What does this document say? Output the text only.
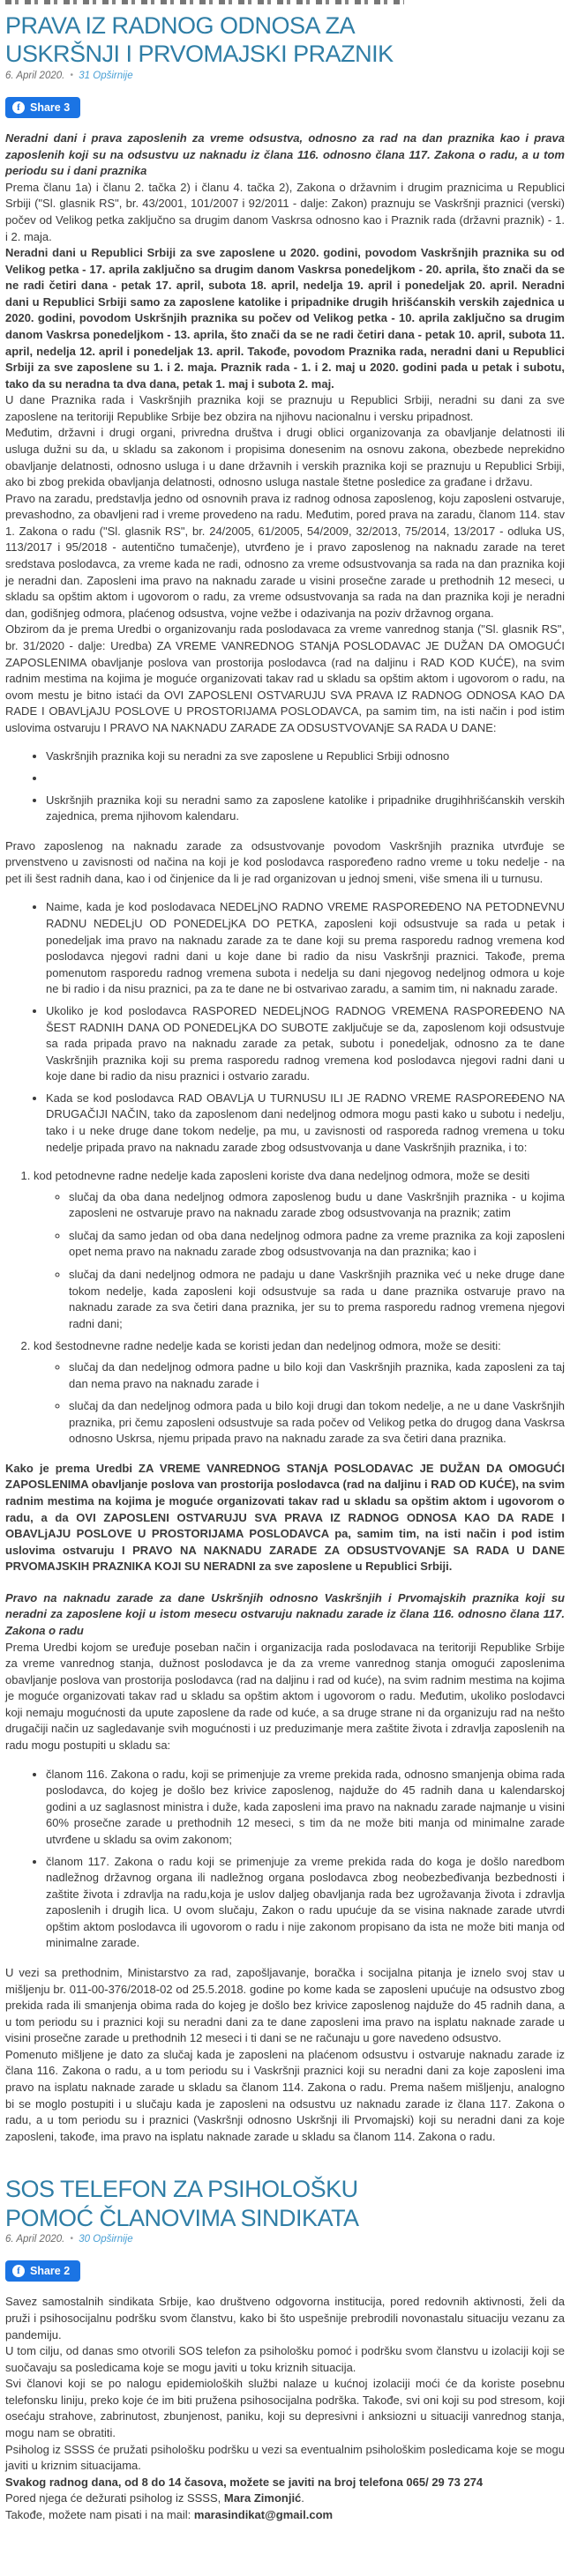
PRAVA IZ RADNOG ODNOSA ZA USKRŠNJI I PRVOMAJSKI PRAZNIK
6. April 2020. • 31 Opširnije
f Share 3

Neradni dani i prava zaposlenih za vreme odsustva, odnosno za rad na dan praznika kao i prava zaposlenih koji su na odsustvu uz naknadu iz člana 116. odnosno člana 117. Zakona o radu, a u tom periodu su i dani praznika

Prema članu 1a) i članu 2. tačka 2) i članu 4. tačka 2), Zakona o državnim i drugim praznicima u Republici Srbiji ("Sl. glasnik RS", br. 43/2001, 101/2007 i 92/2011 - dalje: Zakon) praznuju se Vaskršnji praznici (verski) počev od Velikog petka zaključno sa drugim danom Vaskrsa odnosno kao i Praznik rada (državni praznik) - 1. i 2. maja.

Neradni dani u Republici Srbiji za sve zaposlene u 2020. godini, povodom Vaskršnjih praznika su od Velikog petka - 17. aprila zaključno sa drugim danom Vaskrsa ponedeljkom - 20. aprila, što znači da se ne radi četiri dana - petak 17. april, subota 18. april, nedelja 19. april i ponedeljak 20. april. Neradni dani u Republici Srbiji samo za zaposlene katolike i pripadnike drugih hrišćanskih verskih zajednica u 2020. godini, povodom Uskršnjih praznika su počev od Velikog petka - 10. aprila zaključno sa drugim danom Vaskrsa ponedeljkom - 13. aprila, što znači da se ne radi četiri dana - petak 10. april, subota 11. april, nedelja 12. april i ponedeljak 13. april. Takođe, povodom Praznika rada, neradni dani u Republici Srbiji za sve zaposlene su 1. i 2. maja. Praznik rada - 1. i 2. maj u 2020. godini pada u petak i subotu, tako da su neradna ta dva dana, petak 1. maj i subota 2. maj.

U dane Praznika rada i Vaskršnjih praznika koji se praznuju u Republici Srbiji, neradni su dani za sve zaposlene na teritoriji Republike Srbije bez obzira na njihovu nacionalnu i versku pripadnost.

Međutim, državni i drugi organi, privredna društva i drugi oblici organizovanja za obavljanje delatnosti ili usluga dužni su da, u skladu sa zakonom i propisima donesenim na osnovu zakona, obezbede neprekidno obavljanje delatnosti, odnosno usluga i u dane državnih i verskih praznika koji se praznuju u Republici Srbiji, ako bi zbog prekida obavljanja delatnosti, odnosno usluga nastale štetne posledice za građane i državu.

Pravo na zaradu, predstavlja jedno od osnovnih prava iz radnog odnosa zaposlenog, koju zaposleni ostvaruje, prevashodno, za obavljeni rad i vreme provedeno na radu. Međutim, pored prava na zaradu, članom 114. stav 1. Zakona o radu ("Sl. glasnik RS", br. 24/2005, 61/2005, 54/2009, 32/2013, 75/2014, 13/2017 - odluka US, 113/2017 i 95/2018 - autentično tumačenje), utvrđeno je i pravo zaposlenog na naknadu zarade na teret sredstava poslodavca, za vreme kada ne radi, odnosno za vreme odsustvovanja sa rada na dan praznika koji je neradni dan. Zaposleni ima pravo na naknadu zarade u visini prosečne zarade u prethodnih 12 meseci, u skladu sa opštim aktom i ugovorom o radu, za vreme odsustvovanja sa rada na dan praznika koji je neradni dan, godišnjeg odmora, plaćenog odsustva, vojne vežbe i odazivanja na poziv državnog organa.

Obzirom da je prema Uredbi o organizovanju rada poslodavaca za vreme vanrednog stanja ("Sl. glasnik RS", br. 31/2020 - dalje: Uredba) ZA VREME VANREDNOG STANjA POSLODAVAC JE DUŽAN DA OMOGUĆI ZAPOSLENIMA obavljanje poslova van prostorija poslodavca (rad na daljinu i RAD KOD KUĆE), na svim radnim mestima na kojima je moguće organizovati takav rad u skladu sa opštim aktom i ugovorom o radu, na ovom mestu je bitno istaći da OVI ZAPOSLENI OSTVARUJU SVA PRAVA IZ RADNOG ODNOSA KAO DA RADE I OBAVLjAJU POSLOVE U PROSTORIJAMA POSLODAVCA, pa samim tim, na isti način i pod istim uslovima ostvaruju I PRAVO NA NAKNADU ZARADE ZA ODSUSTVOVANjE SA RADA U DANE:

• Vaskršnjih praznika koji su neradni za sve zaposlene u Republici Srbiji odnosno
•
• Uskršnjih praznika koji su neradni samo za zaposlene katolike i pripadnike drugihhrišćanskih verskih zajednica, prema njihovom kalendaru.

Pravo zaposlenog na naknadu zarade za odsustvovanje povodom Vaskršnjih praznika utvrđuje se prvenstveno u zavisnosti od načina na koji je kod poslodavca raspoređeno radno vreme u toku nedelje - na pet ili šest radnih dana, kao i od činjenice da li je rad organizovan u jednoj smeni, više smena ili u turnusu.

• Naime, kada je kod poslodavaca NEDELjNO RADNO VREME RASPOREĐENO NA PETODNEVNU RADNU NEDELjU OD PONEDELjKA DO PETKA, zaposleni koji odsustvuje sa rada u petak i ponedeljak ima pravo na naknadu zarade za te dane koji su prema rasporedu radnog vremena kod poslodavca njegovi radni dani u koje dane bi radio da nisu Vaskršnji praznici. Takođe, prema pomenutom rasporedu radnog vremena subota i nedelja su dani njegovog nedeljnog odmora u koje ne bi radio i da nisu praznici, pa za te dane ne bi ostvarivao zaradu, a samim tim, ni naknadu zarade.
• Ukoliko je kod poslodavca RASPORED NEDELjNOG RADNOG VREMENA RASPOREĐENO NA ŠEST RADNIH DANA OD PONEDELjKA DO SUBOTE zaključuje se da, zaposlenom koji odsustvuje sa rada pripada pravo na naknadu zarade za petak, subotu i ponedeljak, odnosno za te dane Vaskršnjih praznika koji su prema rasporedu radnog vremena kod poslodavca njegovi radni dani u koje dane bi radio da nisu praznici i ostvario zaradu.
• Kada se kod poslodavca RAD OBAVLjA U TURNUSU ILI JE RADNO VREME RASPOREĐENO NA DRUGAČIJI NAČIN, tako da zaposlenom dani nedeljnog odmora mogu pasti kako u subotu i nedelju, tako i u neke druge dane tokom nedelje, pa mu, u zavisnosti od rasporeda radnog vremena u toku nedelje pripada pravo na naknadu zarade zbog odsustvovanja u dane Vaskršnjih praznika, i to:
1. kod petodnevne radne nedelje kada zaposleni koriste dva dana nedeljnog odmora, može se desiti
◦ slučaj da oba dana nedeljnog odmora zaposlenog budu u dane Vaskršnjih praznika - u kojima zaposleni ne ostvaruje pravo na naknadu zarade zbog odsustvovanja na praznik; zatim
◦ slučaj da samo jedan od oba dana nedeljnog odmora padne za vreme praznika za koji zaposleni opet nema pravo na naknadu zarade zbog odsustvovanja na dan praznika; kao i
◦ slučaj da dani nedeljnog odmora ne padaju u dane Vaskršnjih praznika već u neke druge dane tokom nedelje, kada zaposleni koji odsustvuje sa rada u dane praznika ostvaruje pravo na naknadu zarade za sva četiri dana praznika, jer su to prema rasporedu radnog vremena njegovi radni dani;
2. kod šestodnevne radne nedelje kada se koristi jedan dan nedeljnog odmora, može se desiti:
◦ slučaj da dan nedeljnog odmora padne u bilo koji dan Vaskršnjih praznika, kada zaposleni za taj dan nema pravo na naknadu zarade i
◦ slučaj da dan nedeljnog odmora pada u bilo koji drugi dan tokom nedelje, a ne u dane Vaskršnjih praznika, pri čemu zaposleni odsustvuje sa rada počev od Velikog petka do drugog dana Vaskrsa odnosno Uskrsa, njemu pripada pravo na naknadu zarade za sva četiri dana praznika.

Kako je prema Uredbi ZA VREME VANREDNOG STANjA POSLODAVAC JE DUŽAN DA OMOGUĆI ZAPOSLENIMA obavljanje poslova van prostorija poslodavca (rad na daljinu i RAD OD KUĆE), na svim radnim mestima na kojima je moguće organizovati takav rad u skladu sa opštim aktom i ugovorom o radu, a da OVI ZAPOSLENI OSTVARUJU SVA PRAVA IZ RADNOG ODNOSA KAO DA RADE I OBAVLjAJU POSLOVE U PROSTORIJAMA POSLODAVCA pa, samim tim, na isti način i pod istim uslovima ostvaruju I PRAVO NA NAKNADU ZARADE ZA ODSUSTVOVANjE SA RADA U DANE PRVOMAJSKIH PRAZNIKA KOJI SU NERADNI za sve zaposlene u Republici Srbiji.

Pravo na naknadu zarade za dane Uskršnjih odnosno Vaskršnjih i Prvomajskih praznika koji su neradni za zaposlene koji u istom mesecu ostvaruju naknadu zarade iz člana 116. odnosno člana 117. Zakona o radu

Prema Uredbi kojom se uređuje poseban način i organizacija rada poslodavaca na teritoriji Republike Srbije za vreme vanrednog stanja, dužnost poslodavca je da za vreme vanrednog stanja omogući zaposlenima obavljanje poslova van prostorija poslodavca (rad na daljinu i rad od kuće), na svim radnim mestima na kojima je moguće organizovati takav rad u skladu sa opštim aktom i ugovorom o radu. Međutim, ukoliko poslodavci koji nemaju mogućnosti da upute zaposlene da rade od kuće, a sa druge strane ni da organizuju rad na nešto drugačiji način uz sagledavanje svih mogućnosti i uz preduzimanje mera zaštite života i zdravlja zaposlenih na radu mogu postupiti u skladu sa:

• članom 116. Zakona o radu, koji se primenjuje za vreme prekida rada, odnosno smanjenja obima rada poslodavca, do kojeg je došlo bez krivice zaposlenog, najduže do 45 radnih dana u kalendarskoj godini a uz saglasnost ministra i duže, kada zaposleni ima pravo na naknadu zarade najmanje u visini 60% prosečne zarade u prethodnih 12 meseci, s tim da ne može biti manja od minimalne zarade utvrđene u skladu sa ovim zakonom;
• članom 117. Zakona o radu koji se primenjuje za vreme prekida rada do koga je došlo naredbom nadležnog državnog organa ili nadležnog organa poslodavca zbog neobezbeđivanja bezbednosti i zaštite života i zdravlja na radu,koja je uslov daljeg obavljanja rada bez ugrožavanja života i zdravlja zaposlenih i drugih lica. U ovom slučaju, Zakon o radu upućuje da se visina naknade zarade utvrdi opštim aktom poslodavca ili ugovorom o radu i nije zakonom propisano da ista ne može biti manja od minimalne zarade.

U vezi sa prethodnim, Ministarstvo za rad, zapošljavanje, boračka i socijalna pitanja je iznelo svoj stav u mišljenju br. 011-00-376/2018-02 od 25.5.2018. godine po kome kada se zaposleni upućuje na odsustvo zbog prekida rada ili smanjenja obima rada do kojeg je došlo bez krivice zaposlenog najduže do 45 radnih dana, a u tom periodu su i praznici koji su neradni dani za te dane zaposleni ima pravo na isplatu naknade zarade u visini prosečne zarade u prethodnih 12 meseci i ti dani se ne računaju u gore navedeno odsustvo.

Pomenuto mišljene je dato za slučaj kada je zaposleni na plaćenom odsustvu i ostvaruje naknadu zarade iz člana 116. Zakona o radu, a u tom periodu su i Vaskršnji praznici koji su neradni dani za koje zaposleni ima pravo na isplatu naknade zarade u skladu sa članom 114. Zakona o radu. Prema našem mišljenju, analogno bi se moglo postupiti i u slučaju kada je zaposleni na odsustvu uz naknadu zarade iz člana 117. Zakona o radu, a u tom periodu su i praznici (Vaskršnji odnosno Uskršnji ili Prvomajski) koji su neradni dani za koje zaposleni, takođe, ima pravo na isplatu naknade zarade u skladu sa članom 114. Zakona o radu.

SOS TELEFON ZA PSIHOLOŠKU POMOĆ ČLANOVIMA SINDIKATA
6. April 2020. • 30 Opširnije
f Share 2

Savez samostalnih sindikata Srbije, kao društveno odgovorna institucija, pored redovnih aktivnosti, želi da pruži i psihosocijalnu podršku svom članstvu, kako bi što uspešnije prebrodili novonastalu situaciju vezanu za pandemiju.

U tom cilju, od danas smo otvorili SOS telefon za psihološku pomoć i podršku svom članstvu u izolaciji koji se suočavaju sa posledicama koje se mogu javiti u toku kriznih situacija.

Svi članovi koji se po nalogu epidemioloških službi nalaze u kućnoj izolaciji moći će da koriste posebnu telefonsku liniju, preko koje će im biti pružena psihosocijalna podrška. Takođe, svi oni koji su pod stresom, koji osećaju strahove, zabrinutost, zbunjenost, paniku, koji su depresivni i anksiozni u situaciji vanrednog stanja, mogu nam se obratiti.

Psiholog iz SSSS će pružati psihološku podršku u vezi sa eventualnim psihološkim posledicama koje se mogu javiti u kriznim situacijama.

Svakog radnog dana, od 8 do 14 časova, možete se javiti na broj telefona 065/ 29 73 274

Pored njega će dežurati psiholog iz SSSS, Mara Zimonjić.

Takođe, možete nam pisati i na mail: marasindikat@gmail.com
